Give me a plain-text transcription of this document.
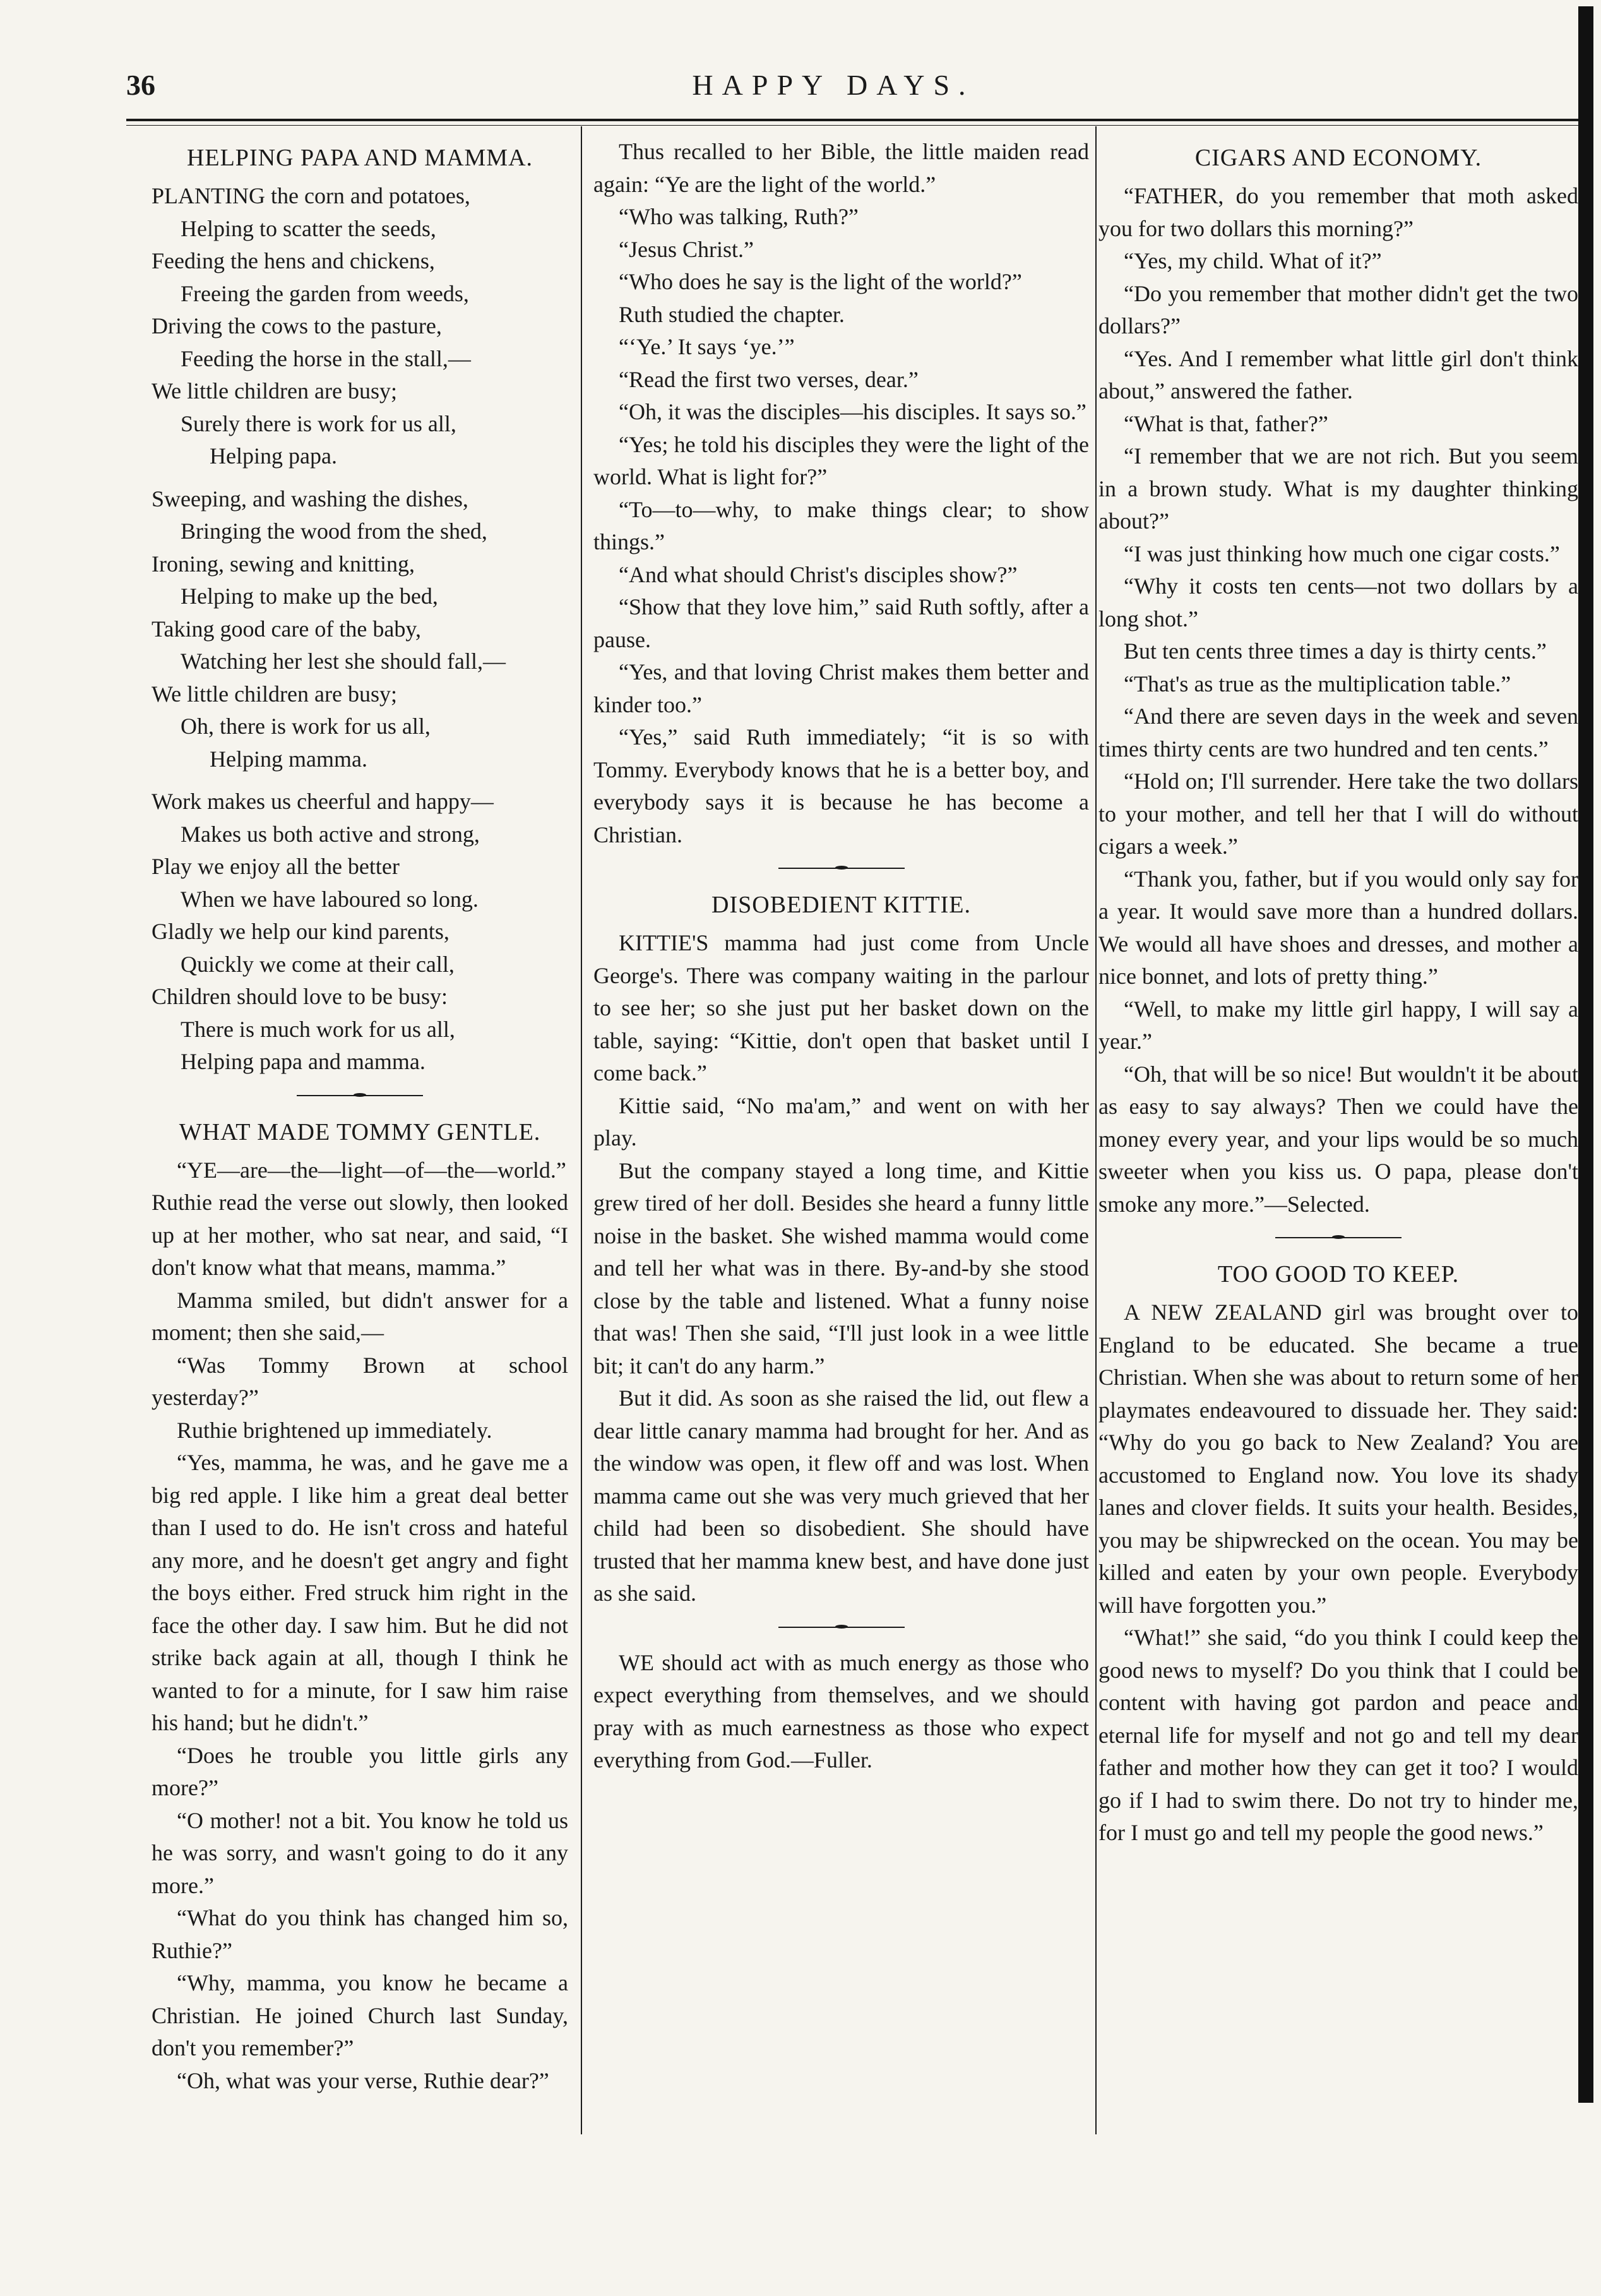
36	HAPPY DAYS.
HELPING PAPA AND MAMMA.
PLANTING the corn and potatoes,
Helping to scatter the seeds,
Feeding the hens and chickens,
Freeing the garden from weeds,
Driving the cows to the pasture,
Feeding the horse in the stall,—
We little children are busy;
Surely there is work for us all,
Helping papa.
Sweeping, and washing the dishes,
Bringing the wood from the shed,
Ironing, sewing and knitting,
Helping to make up the bed,
Taking good care of the baby,
Watching her lest she should fall,—
We little children are busy;
Oh, there is work for us all,
Helping mamma.
Work makes us cheerful and happy—
Makes us both active and strong,
Play we enjoy all the better
When we have laboured so long.
Gladly we help our kind parents,
Quickly we come at their call,
Children should love to be busy:
There is much work for us all,
Helping papa and mamma.
WHAT MADE TOMMY GENTLE.

“YE—are—the—light—of—the—world.” Ruthie read the verse out slowly, then looked up at her mother, who sat near, and said, “I don't know what that means, mamma.”

Mamma smiled, but didn't answer for a moment; then she said,—

“Was Tommy Brown at school yesterday?”

Ruthie brightened up immediately.

“Yes, mamma, he was, and he gave me a big red apple. I like him a great deal better than I used to do. He isn't cross and hateful any more, and he doesn't get angry and fight the boys either. Fred struck him right in the face the other day. I saw him. But he did not strike back again at all, though I think he wanted to for a minute, for I saw him raise his hand; but he didn't.”

“Does he trouble you little girls any more?”

“O mother! not a bit. You know he told us he was sorry, and wasn't going to do it any more.”

“What do you think has changed him so, Ruthie?”

“Why, mamma, you know he became a Christian. He joined Church last Sunday, don't you remember?”

“Oh, what was your verse, Ruthie dear?”

Thus recalled to her Bible, the little maiden read again: “Ye are the light of the world.”

“Who was talking, Ruth?”

“Jesus Christ.”

“Who does he say is the light of the world?”

Ruth studied the chapter.

“‘Ye.’ It says ‘ye.’”

“Read the first two verses, dear.”

“Oh, it was the disciples—his disciples. It says so.”

“Yes; he told his disciples they were the light of the world. What is light for?”

“To—to—why, to make things clear; to show things.”

“And what should Christ's disciples show?”

“Show that they love him,” said Ruth softly, after a pause.

“Yes, and that loving Christ makes them better and kinder too.”

“Yes,” said Ruth immediately; “it is so with Tommy. Everybody knows that he is a better boy, and everybody says it is because he has become a Christian.

DISOBEDIENT KITTIE.

KITTIE'S mamma had just come from Uncle George's. There was company waiting in the parlour to see her; so she just put her basket down on the table, saying: “Kittie, don't open that basket until I come back.”

Kittie said, “No ma'am,” and went on with her play.

But the company stayed a long time, and Kittie grew tired of her doll. Besides she heard a funny little noise in the basket. She wished mamma would come and tell her what was in there. By-and-by she stood close by the table and listened. What a funny noise that was! Then she said, “I'll just look in a wee little bit; it can't do any harm.”

But it did. As soon as she raised the lid, out flew a dear little canary mamma had brought for her. And as the window was open, it flew off and was lost. When mamma came out she was very much grieved that her child had been so disobedient. She should have trusted that her mamma knew best, and have done just as she said.

WE should act with as much energy as those who expect everything from themselves, and we should pray with as much earnestness as those who expect everything from God.—Fuller.

CIGARS AND ECONOMY.

“FATHER, do you remember that moth asked you for two dollars this morning?”

“Yes, my child. What of it?”

“Do you remember that mother didn't get the two dollars?”

“Yes. And I remember what little girl don't think about,” answered the father.

“What is that, father?”

“I remember that we are not rich. But you seem in a brown study. What is my daughter thinking about?”

“I was just thinking how much one cigar costs.”

“Why it costs ten cents—not two dollars by a long shot.”

But ten cents three times a day is thirty cents.”

“That's as true as the multiplication table.”

“And there are seven days in the week and seven times thirty cents are two hundred and ten cents.”

“Hold on; I'll surrender. Here take the two dollars to your mother, and tell her that I will do without cigars a week.”

“Thank you, father, but if you would only say for a year. It would save more than a hundred dollars. We would all have shoes and dresses, and mother a nice bonnet, and lots of pretty thing.”

“Well, to make my little girl happy, I will say a year.”

“Oh, that will be so nice! But wouldn't it be about as easy to say always? Then we could have the money every year, and your lips would be so much sweeter when you kiss us. O papa, please don't smoke any more.”—Selected.

TOO GOOD TO KEEP.

A NEW ZEALAND girl was brought over to England to be educated. She became a true Christian. When she was about to return some of her playmates endeavoured to dissuade her. They said: “Why do you go back to New Zealand? You are accustomed to England now. You love its shady lanes and clover fields. It suits your health. Besides, you may be shipwrecked on the ocean. You may be killed and eaten by your own people. Everybody will have forgotten you.”

“What!” she said, “do you think I could keep the good news to myself? Do you think that I could be content with having got pardon and peace and eternal life for myself and not go and tell my dear father and mother how they can get it too? I would go if I had to swim there. Do not try to hinder me, for I must go and tell my people the good news.”
